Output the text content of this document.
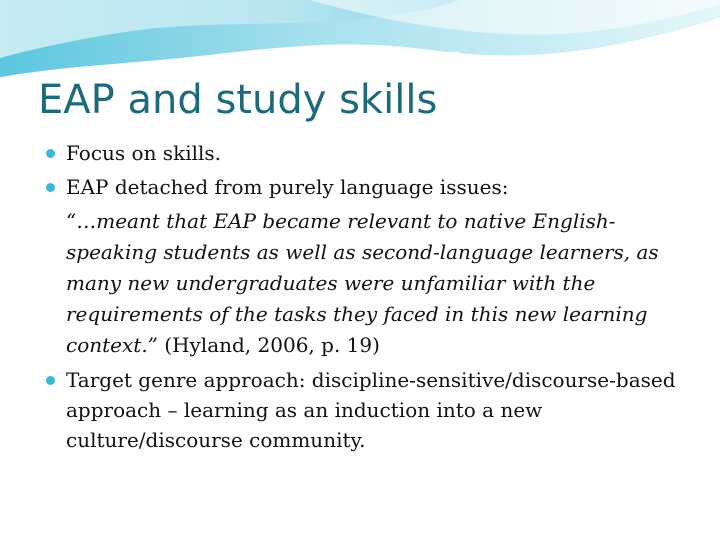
EAP and study skills
Focus on skills.
EAP detached from purely language issues:
“…meant that EAP became relevant to native English-speaking students as well as second-language learners, as many new undergraduates were unfamiliar with the requirements of the tasks they faced in this new learning context.” (Hyland, 2006, p. 19)
Target genre approach: discipline-sensitive/discourse-based approach – learning as an induction into a new culture/discourse community.
